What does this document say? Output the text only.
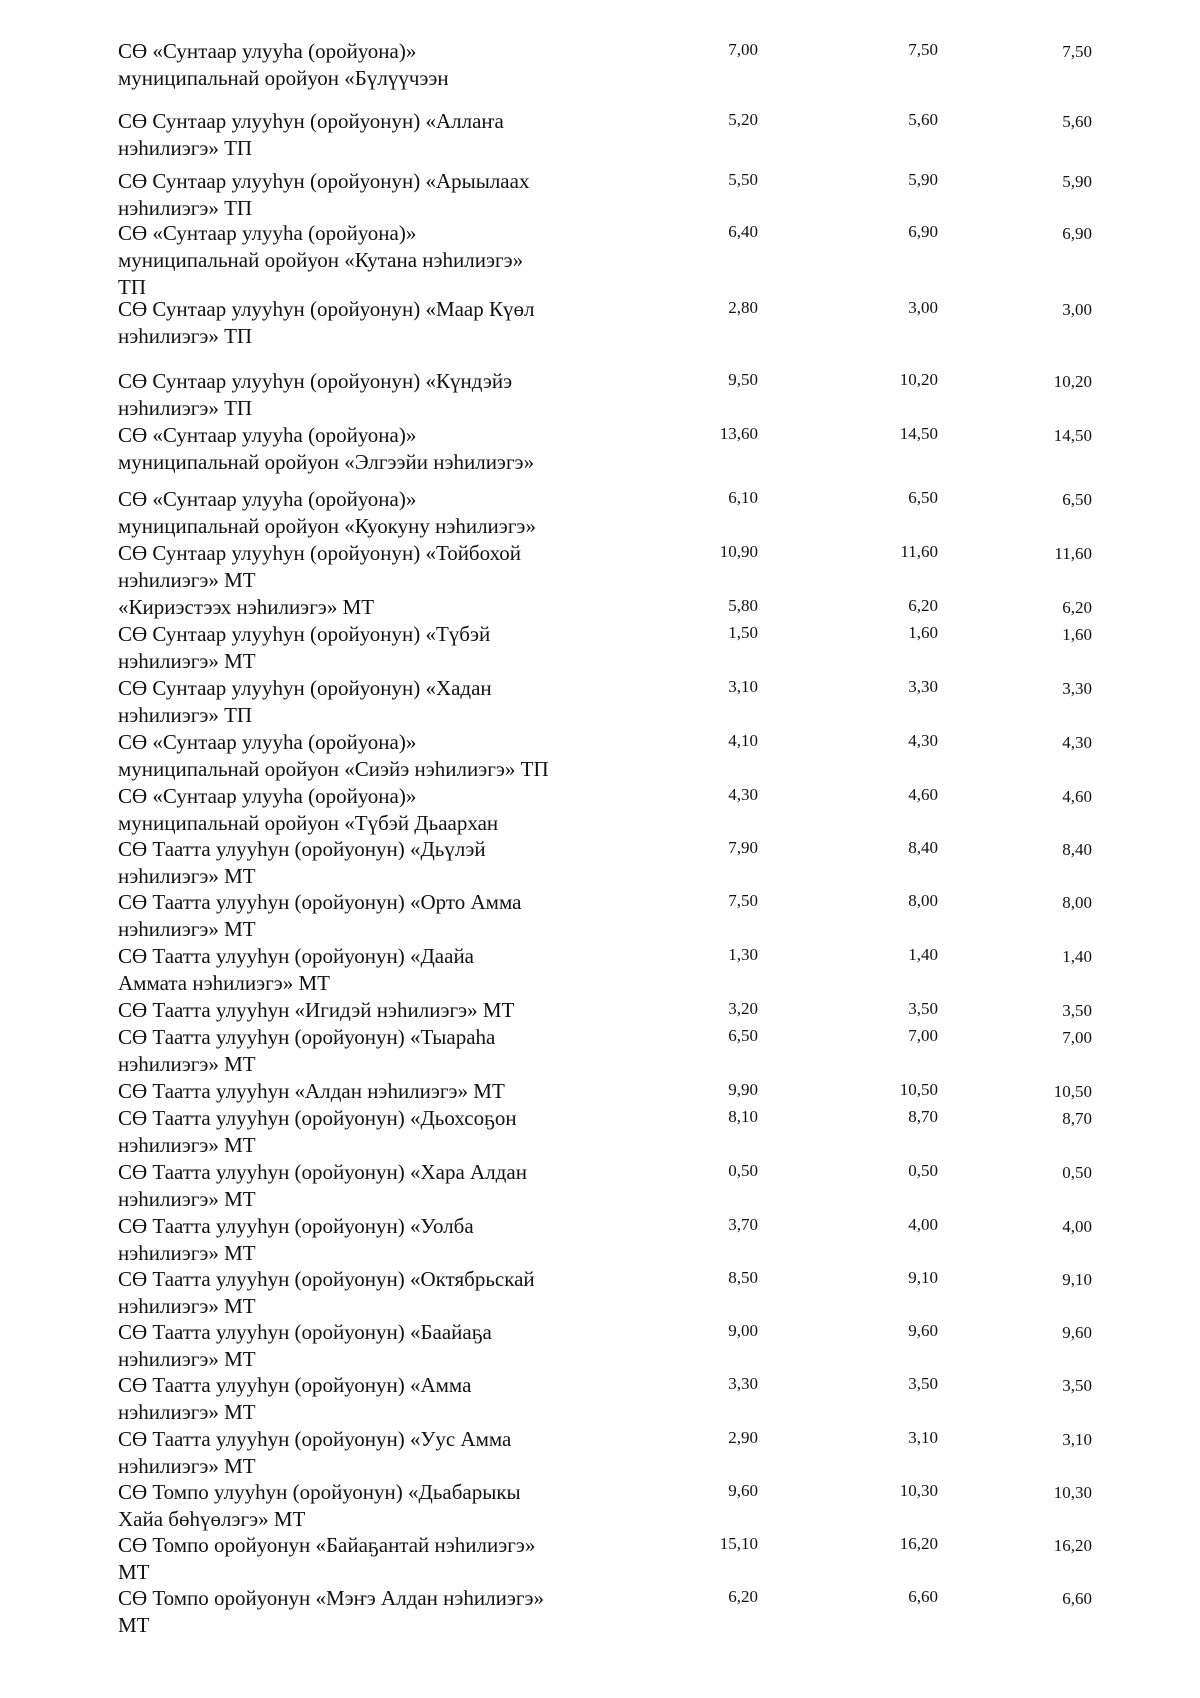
СӨ «Сунтаар улууһа (оройуона)»
муниципальнай оройуон «Бүлүүчээн
7,00	7,50	7,50
СӨ Сунтаар улууһун (оройуонун) «Аллаҥа
нэһилиэгэ» ТП
5,20	5,60	5,60
СӨ Сунтаар улууһун (оройуонун) «Арыылаах
нэһилиэгэ» ТП
5,50	5,90	5,90
СӨ «Сунтаар улууһа (оройуона)»
муниципальнай оройуон «Кутана нэһилиэгэ»
ТП
6,40	6,90	6,90
СӨ Сунтаар улууһун (оройуонун) «Маар Күөл
нэһилиэгэ» ТП
2,80	3,00	3,00
СӨ Сунтаар улууһун (оройуонун) «Күндэйэ
нэһилиэгэ» ТП
9,50	10,20	10,20
СӨ «Сунтаар улууһа (оройуона)»
муниципальнай оройуон «Элгээйи нэһилиэгэ»
13,60	14,50	14,50
СӨ «Сунтаар улууһа (оройуона)»
муниципальнай оройуон «Куокуну нэһилиэгэ»
6,10	6,50	6,50
СӨ Сунтаар улууһун (оройуонун) «Тойбохой
нэһилиэгэ» МТ
10,90	11,60	11,60
«Кириэстээх нэһилиэгэ» МТ	5,80	6,20	6,20
СӨ Сунтаар улууһун (оройуонун) «Түбэй
нэһилиэгэ» МТ
1,50	1,60	1,60
СӨ Сунтаар улууһун (оройуонун) «Хадан
нэһилиэгэ» ТП
3,10	3,30	3,30
СӨ «Сунтаар улууһа (оройуона)»
муниципальнай оройуон «Сиэйэ нэһилиэгэ» ТП
4,10	4,30	4,30
СӨ «Сунтаар улууһа (оройуона)»
муниципальнай оройуон «Түбэй Дьаархан
4,30	4,60	4,60
СӨ Таатта улууһун (оройуонун) «Дьүлэй
нэһилиэгэ» МТ
7,90	8,40	8,40
СӨ Таатта улууһун (оройуонун) «Орто Амма
нэһилиэгэ» МТ
7,50	8,00	8,00
СӨ Таатта улууһун (оройуонун) «Даайа
Аммата нэһилиэгэ» МТ
1,30	1,40	1,40
СӨ Таатта улууһун «Игидэй нэһилиэгэ» МТ	3,20	3,50	3,50
СӨ Таатта улууһун (оройуонун) «Тыараһа
нэһилиэгэ» МТ
6,50	7,00	7,00
СӨ Таатта улууһун «Алдан нэһилиэгэ» МТ	9,90	10,50	10,50
СӨ Таатта улууһун (оройуонун) «Дьохсоҕон
нэһилиэгэ» МТ
8,10	8,70	8,70
СӨ Таатта улууһун (оройуонун) «Хара Алдан
нэһилиэгэ» МТ
0,50	0,50	0,50
СӨ Таатта улууһун (оройуонун) «Уолба
нэһилиэгэ» МТ
3,70	4,00	4,00
СӨ Таатта улууһун (оройуонун) «Октябрьскай
нэһилиэгэ» МТ
8,50	9,10	9,10
СӨ Таатта улууһун (оройуонун) «Баайаҕа
нэһилиэгэ» МТ
9,00	9,60	9,60
СӨ Таатта улууһун (оройуонун) «Амма
нэһилиэгэ» МТ
3,30	3,50	3,50
СӨ Таатта улууһун (оройуонун) «Уус Амма
нэһилиэгэ» МТ
2,90	3,10	3,10
СӨ Томпо улууһун (оройуонун) «Дьабарыкы
Хайа бөһүөлэгэ» МТ
9,60	10,30	10,30
СӨ Томпо оройуонун «Байаҕантай нэһилиэгэ»
МТ
15,10	16,20	16,20
СӨ Томпо оройуонун «Мэҥэ Алдан нэһилиэгэ»
МТ
6,20	6,60	6,60
